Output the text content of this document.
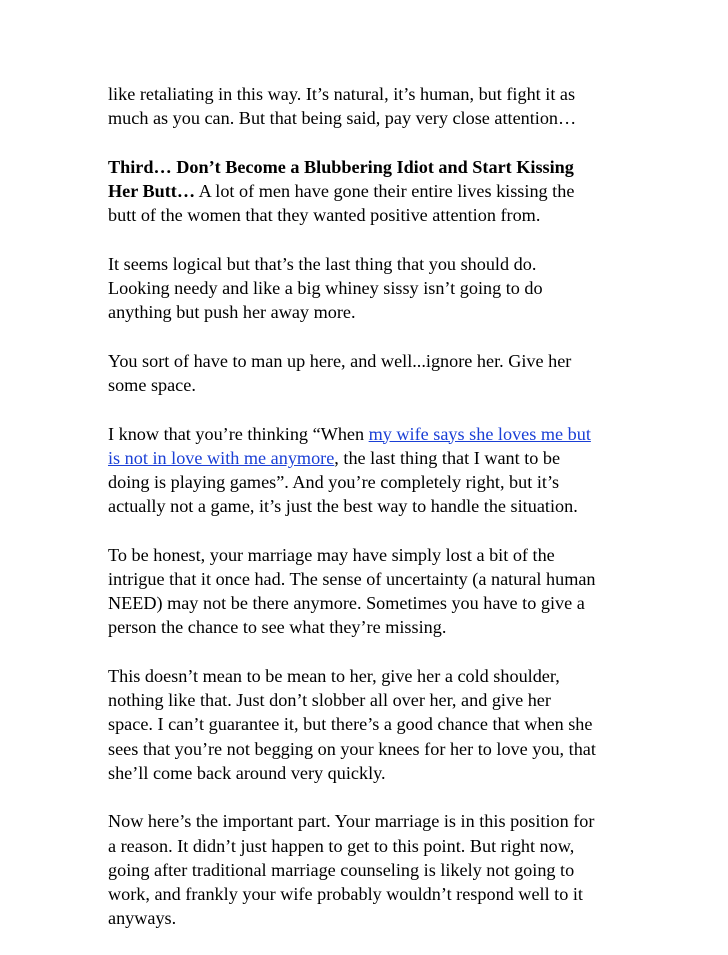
like retaliating in this way. It’s natural, it’s human, but fight it as
much as you can. But that being said, pay very close attention…
Third… Don’t Become a Blubbering Idiot and Start Kissing
Her Butt… A lot of men have gone their entire lives kissing the
butt of the women that they wanted positive attention from.
It seems logical but that’s the last thing that you should do.
Looking needy and like a big whiney sissy isn’t going to do
anything but push her away more.
You sort of have to man up here, and well...ignore her. Give her
some space.
I know that you’re thinking “When my wife says she loves me but
is not in love with me anymore, the last thing that I want to be
doing is playing games”. And you’re completely right, but it’s
actually not a game, it’s just the best way to handle the situation.
To be honest, your marriage may have simply lost a bit of the
intrigue that it once had. The sense of uncertainty (a natural human
NEED) may not be there anymore. Sometimes you have to give a
person the chance to see what they’re missing.
This doesn’t mean to be mean to her, give her a cold shoulder,
nothing like that. Just don’t slobber all over her, and give her
space. I can’t guarantee it, but there’s a good chance that when she
sees that you’re not begging on your knees for her to love you, that
she’ll come back around very quickly.
Now here’s the important part. Your marriage is in this position for
a reason. It didn’t just happen to get to this point. But right now,
going after traditional marriage counseling is likely not going to
work, and frankly your wife probably wouldn’t respond well to it
anyways.
